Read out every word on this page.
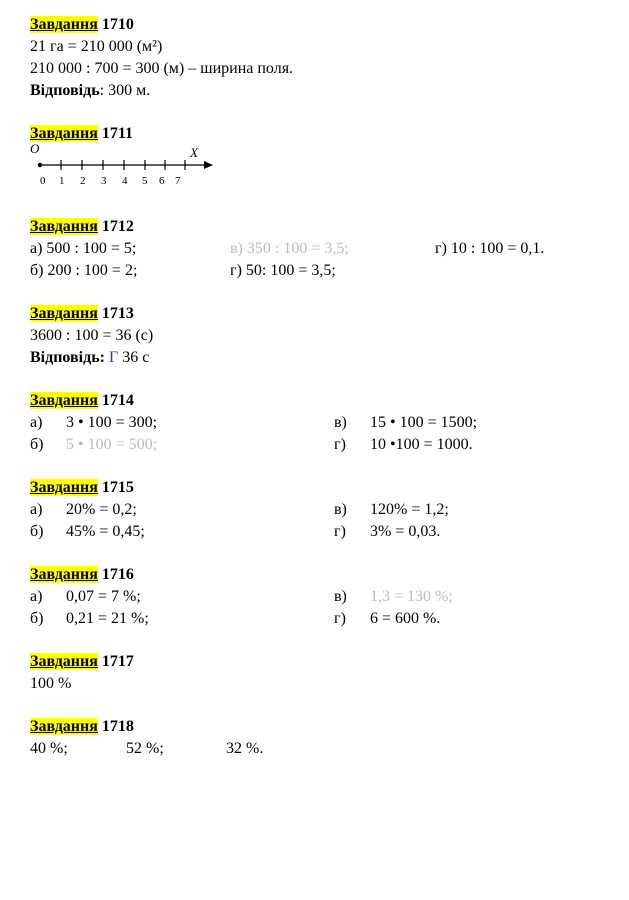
Завдання 1710
21 га = 210 000 (м²)
210 000 : 700 = 300 (м) – ширина поля.
Відповідь: 300 м.
Завдання 1711
O	X
0 1 2 3 4 5 6 7
Завдання 1712
а) 500 : 100 = 5;	в) 350 : 100 = 3,5;	г) 10 : 100 = 0,1.
б) 200 : 100 = 2;	г) 50: 100 = 3,5;
Завдання 1713
3600 : 100 = 36 (с)
Відповідь: Г 36 с
Завдання 1714
а) 3 • 100 = 300;	в) 15 • 100 = 1500;
б) 5 • 100 = 500;	г) 10 •100 = 1000.
Завдання 1715
а) 20% = 0,2;	в) 120% = 1,2;
б) 45% = 0,45;	г) 3% = 0,03.
Завдання 1716
а) 0,07 = 7 %;	в) 1,3 = 130 %;
б) 0,21 = 21 %;	г) 6 = 600 %.
Завдання 1717
100 %
Завдання 1718
40 %;	52 %;	32 %.
